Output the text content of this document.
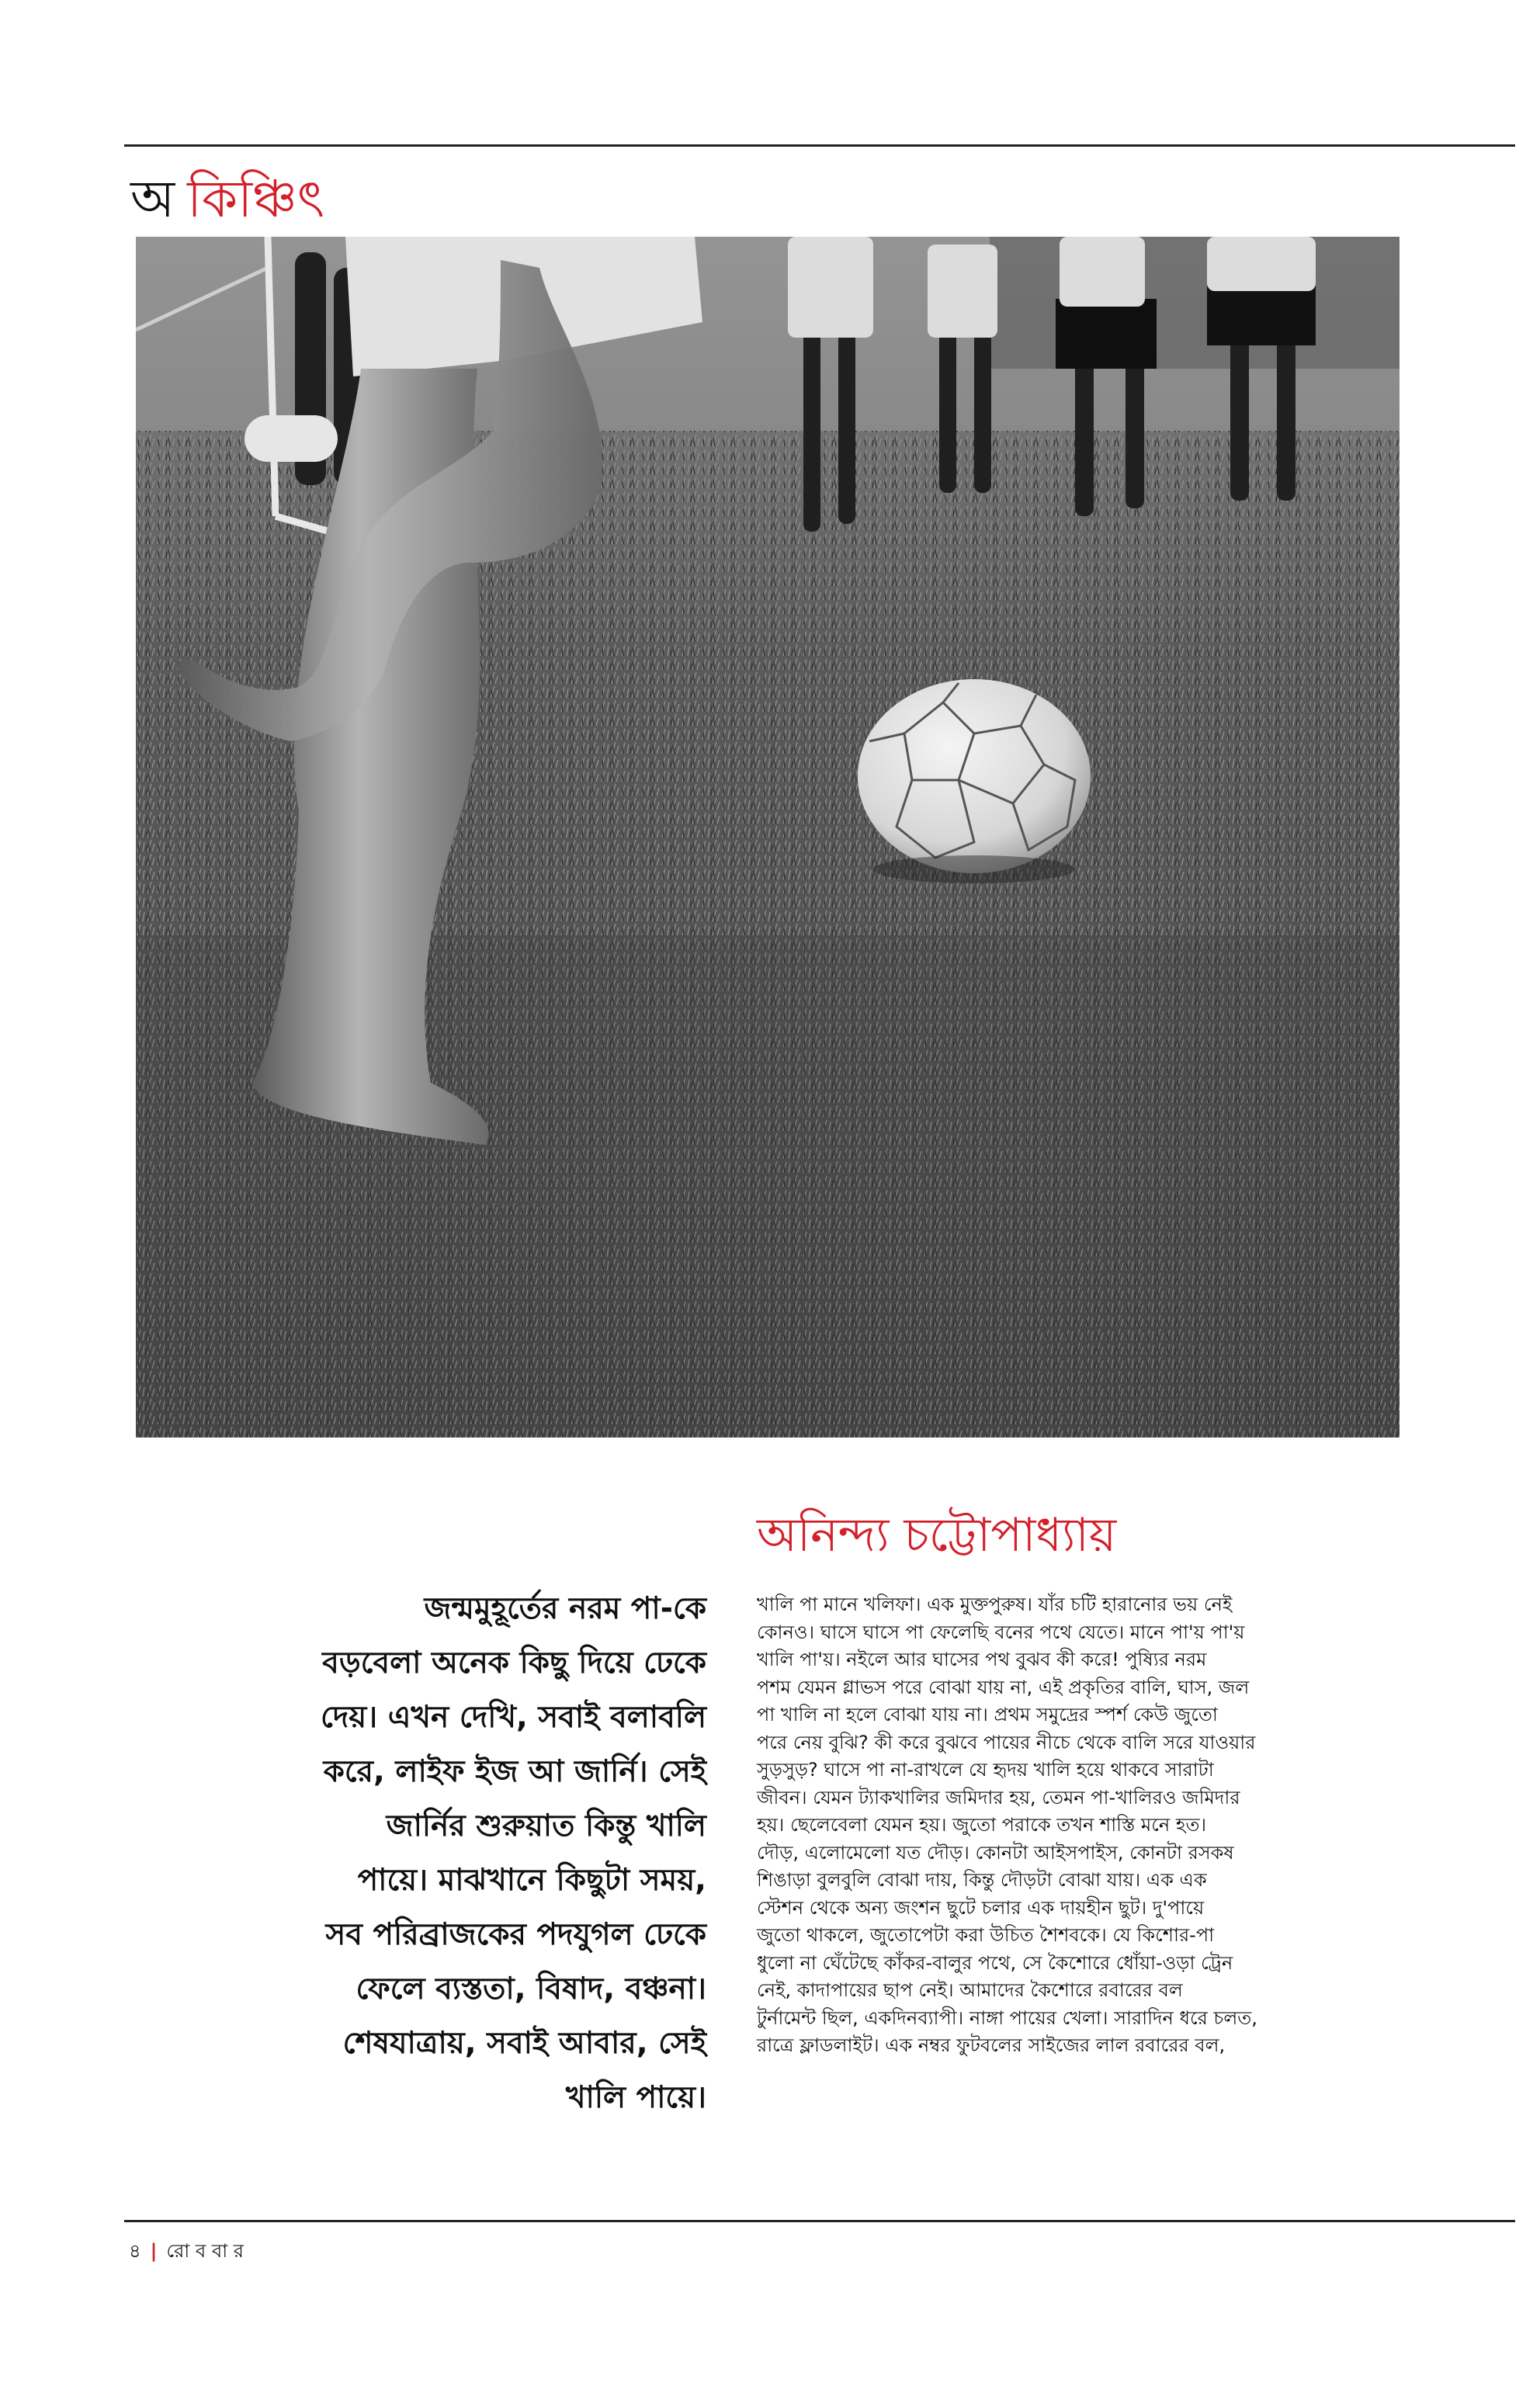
অ কিঞ্চিৎ
অনিন্দ্য চট্টোপাধ্যায়
জন্মমুহূর্তের নরম পা-কে
বড়বেলা অনেক কিছু দিয়ে ঢেকে
দেয়। এখন দেখি, সবাই বলাবলি
করে, লাইফ ইজ আ জার্নি। সেই
জার্নির শুরুয়াত কিন্তু খালি
পায়ে। মাঝখানে কিছুটা সময়,
সব পরিব্রাজকের পদযুগল ঢেকে
ফেলে ব্যস্ততা, বিষাদ, বঞ্চনা।
শেষযাত্রায়, সবাই আবার, সেই
খালি পায়ে।
খালি পা মানে খলিফা। এক মুক্তপুরুষ। যাঁর চটি হারানোর ভয় নেই
কোনও। ঘাসে ঘাসে পা ফেলেছি বনের পথে যেতে। মানে পা'য় পা'য়
খালি পা'য়। নইলে আর ঘাসের পথ বুঝব কী করে! পুষ্যির নরম
পশম যেমন গ্লাভস পরে বোঝা যায় না, এই প্রকৃতির বালি, ঘাস, জল
পা খালি না হলে বোঝা যায় না। প্রথম সমুদ্রের স্পর্শ কেউ জুতো
পরে নেয় বুঝি? কী করে বুঝবে পায়ের নীচে থেকে বালি সরে যাওয়ার
সুড়সুড়? ঘাসে পা না-রাখলে যে হৃদয় খালি হয়ে থাকবে সারাটা
জীবন। যেমন ট্যাকখালির জমিদার হয়, তেমন পা-খালিরও জমিদার
হয়। ছেলেবেলা যেমন হয়। জুতো পরাকে তখন শাস্তি মনে হত।
দৌড়, এলোমেলো যত দৌড়। কোনটা আইসপাইস, কোনটা রসকষ
শিঙাড়া বুলবুলি বোঝা দায়, কিন্তু দৌড়টা বোঝা যায়। এক এক
স্টেশন থেকে অন্য জংশন ছুটে চলার এক দায়হীন ছুট। দু'পায়ে
জুতো থাকলে, জুতোপেটা করা উচিত শৈশবকে। যে কিশোর-পা
ধুলো না ঘেঁটেছে কাঁকর-বালুর পথে, সে কৈশোরে ধোঁয়া-ওড়া ট্রেন
নেই, কাদাপায়ের ছাপ নেই। আমাদের কৈশোরে রবারের বল
টুর্নামেন্ট ছিল, একদিনব্যাপী। নাঙ্গা পায়ের খেলা। সারাদিন ধরে চলত,
রাত্রে ফ্লাডলাইট। এক নম্বর ফুটবলের সাইজের লাল রবারের বল,
৪ | রো ব বা র
